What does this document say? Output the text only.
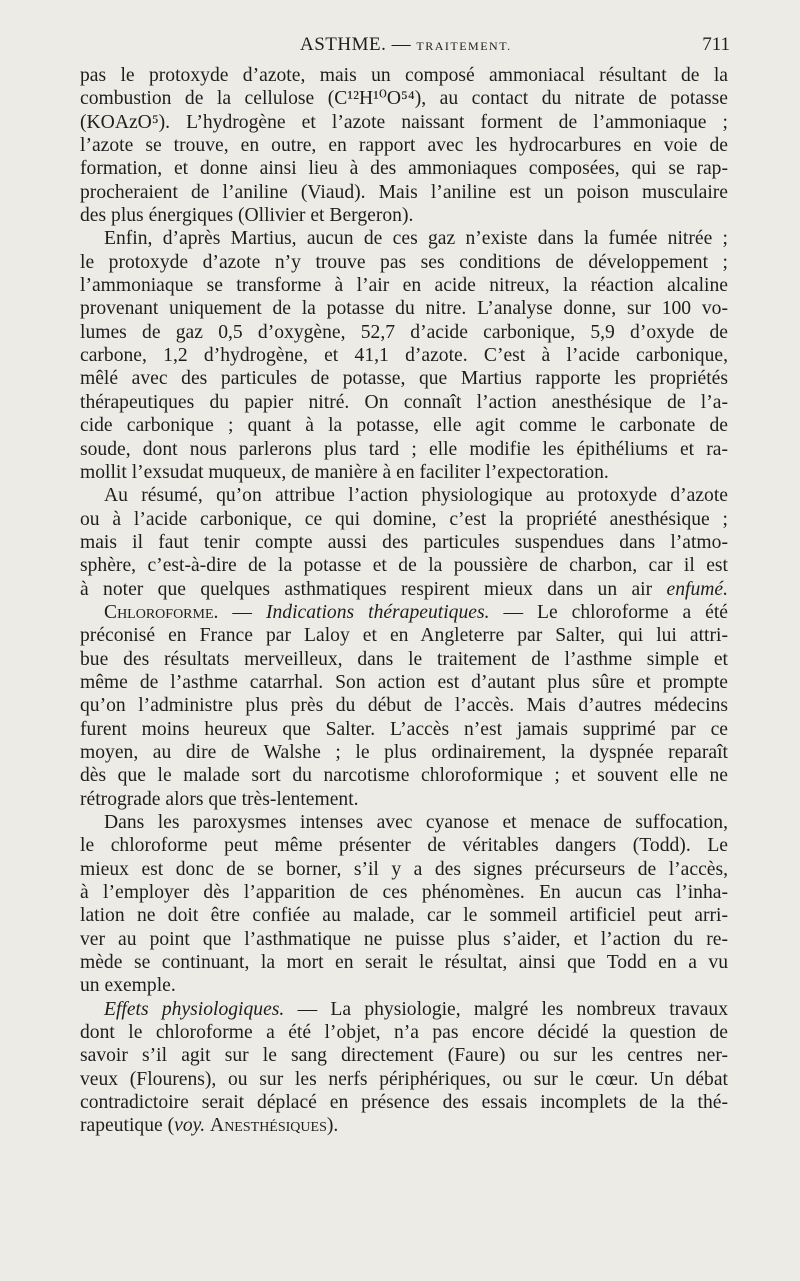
ASTHME. — TRAITEMENT.	711

pas le protoxyde d’azote, mais un composé ammoniacal résultant de la
combustion de la cellulose (C¹²H¹⁰O⁵⁴), au contact du nitrate de potasse
(KOAzO⁵). L’hydrogène et l’azote naissant forment de l’ammoniaque ;
l’azote se trouve, en outre, en rapport avec les hydrocarbures en voie de
formation, et donne ainsi lieu à des ammoniaques composées, qui se rap-
procheraient de l’aniline (Viaud). Mais l’aniline est un poison musculaire
des plus énergiques (Ollivier et Bergeron).

Enfin, d’après Martius, aucun de ces gaz n’existe dans la fumée nitrée ;
le protoxyde d’azote n’y trouve pas ses conditions de développement ;
l’ammoniaque se transforme à l’air en acide nitreux, la réaction alcaline
provenant uniquement de la potasse du nitre. L’analyse donne, sur 100 vo-
lumes de gaz 0,5 d’oxygène, 52,7 d’acide carbonique, 5,9 d’oxyde de
carbone, 1,2 d’hydrogène, et 41,1 d’azote. C’est à l’acide carbonique,
mêlé avec des particules de potasse, que Martius rapporte les propriétés
thérapeutiques du papier nitré. On connaît l’action anesthésique de l’a-
cide carbonique ; quant à la potasse, elle agit comme le carbonate de
soude, dont nous parlerons plus tard ; elle modifie les épithéliums et ra-
mollit l’exsudat muqueux, de manière à en faciliter l’expectoration.

Au résumé, qu’on attribue l’action physiologique au protoxyde d’azote
ou à l’acide carbonique, ce qui domine, c’est la propriété anesthésique ;
mais il faut tenir compte aussi des particules suspendues dans l’atmo-
sphère, c’est-à-dire de la potasse et de la poussière de charbon, car il est
à noter que quelques asthmatiques respirent mieux dans un air enfumé.

Chloroforme. — Indications thérapeutiques. — Le chloroforme a été
préconisé en France par Laloy et en Angleterre par Salter, qui lui attri-
bue des résultats merveilleux, dans le traitement de l’asthme simple et
même de l’asthme catarrhal. Son action est d’autant plus sûre et prompte
qu’on l’administre plus près du début de l’accès. Mais d’autres médecins
furent moins heureux que Salter. L’accès n’est jamais supprimé par ce
moyen, au dire de Walshe ; le plus ordinairement, la dyspnée reparaît
dès que le malade sort du narcotisme chloroformique ; et souvent elle ne
rétrograde alors que très-lentement.

Dans les paroxysmes intenses avec cyanose et menace de suffocation,
le chloroforme peut même présenter de véritables dangers (Todd). Le
mieux est donc de se borner, s’il y a des signes précurseurs de l’accès,
à l’employer dès l’apparition de ces phénomènes. En aucun cas l’inha-
lation ne doit être confiée au malade, car le sommeil artificiel peut arri-
ver au point que l’asthmatique ne puisse plus s’aider, et l’action du re-
mède se continuant, la mort en serait le résultat, ainsi que Todd en a vu
un exemple.

Effets physiologiques. — La physiologie, malgré les nombreux travaux
dont le chloroforme a été l’objet, n’a pas encore décidé la question de
savoir s’il agit sur le sang directement (Faure) ou sur les centres ner-
veux (Flourens), ou sur les nerfs périphériques, ou sur le cœur. Un débat
contradictoire serait déplacé en présence des essais incomplets de la thé-
rapeutique (voy. Anesthésiques).
